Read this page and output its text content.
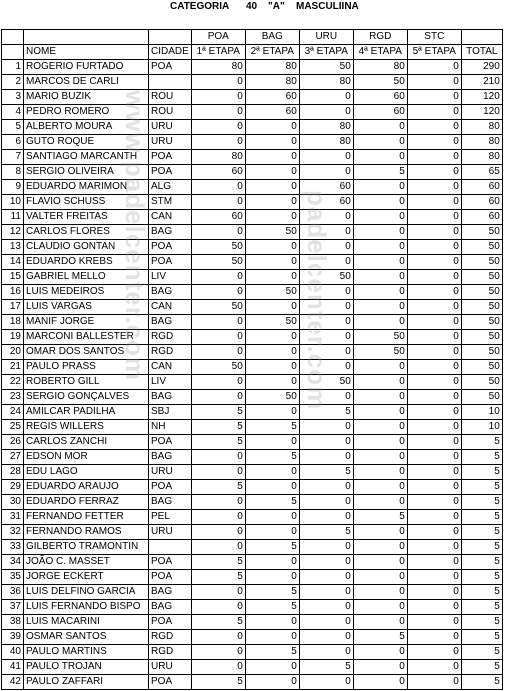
CATEGORIA 40 "A" MASCULIINA

			POA	BAG	URU	RGD	STC	
	NOME	CIDADE	1ª ETAPA	2ª ETAPA	3ª ETAPA	4ª ETAPA	5ª ETAPA	TOTAL
1	ROGERIO FURTADO	POA	80	80	50	80	0	290
2	MARCOS DE CARLI		0	80	80	50	0	210
3	MARIO BUZIK	ROU	0	60	0	60	0	120
4	PEDRO ROMERO	ROU	0	60	0	60	0	120
5	ALBERTO MOURA	URU	0	0	80	0	0	80
6	GUTO ROQUE	URU	0	0	80	0	0	80
7	SANTIAGO MARCANTH	POA	80	0	0	0	0	80
8	SERGIO OLIVEIRA	POA	60	0	0	5	0	65
9	EDUARDO MARIMON	ALG	0	0	60	0	0	60
10	FLAVIO SCHUSS	STM	0	0	60	0	0	60
11	VALTER FREITAS	CAN	60	0	0	0	0	60
12	CARLOS FLORES	BAG	0	50	0	0	0	50
13	CLAUDIO GONTAN	POA	50	0	0	0	0	50
14	EDUARDO KREBS	POA	50	0	0	0	0	50
15	GABRIEL MELLO	LIV	0	0	50	0	0	50
16	LUIS MEDEIROS	BAG	0	50	0	0	0	50
17	LUIS VARGAS	CAN	50	0	0	0	0	50
18	MANIF JORGE	BAG	0	50	0	0	0	50
19	MARCONI BALLESTER	RGD	0	0	0	50	0	50
20	OMAR DOS SANTOS	RGD	0	0	0	50	0	50
21	PAULO PRASS	CAN	50	0	0	0	0	50
22	ROBERTO GILL	LIV	0	0	50	0	0	50
23	SERGIO GONÇALVES	BAG	0	50	0	0	0	50
24	AMILCAR PADILHA	SBJ	5	0	5	0	0	10
25	REGIS WILLERS	NH	5	5	0	0	0	10
26	CARLOS ZANCHI	POA	5	0	0	0	0	5
27	EDSON MOR	BAG	0	5	0	0	0	5
28	EDU LAGO	URU	0	0	5	0	0	5
29	EDUARDO ARAUJO	POA	5	0	0	0	0	5
30	EDUARDO FERRAZ	BAG	0	5	0	0	0	5
31	FERNANDO FETTER	PEL	0	0	0	5	0	5
32	FERNANDO RAMOS	URU	0	0	5	0	0	5
33	GILBERTO TRAMONTIN		0	5	0	0	0	5
34	JOÃO C. MASSET	POA	5	0	0	0	0	5
35	JORGE ECKERT	POA	5	0	0	0	0	5
36	LUIS DELFINO GARCIA	BAG	0	5	0	0	0	5
37	LUIS FERNANDO BISPO	BAG	0	5	0	0	0	5
38	LUIS MACARINI	POA	5	0	0	0	0	5
39	OSMAR SANTOS	RGD	0	0	0	5	0	5
40	PAULO MARTINS	RGD	0	5	0	0	0	5
41	PAULO TROJAN	URU	0	0	5	0	0	5
42	PAULO ZAFFARI	POA	5	0	0	0	0	5
padelcenter.com
www.padelcenter.com
